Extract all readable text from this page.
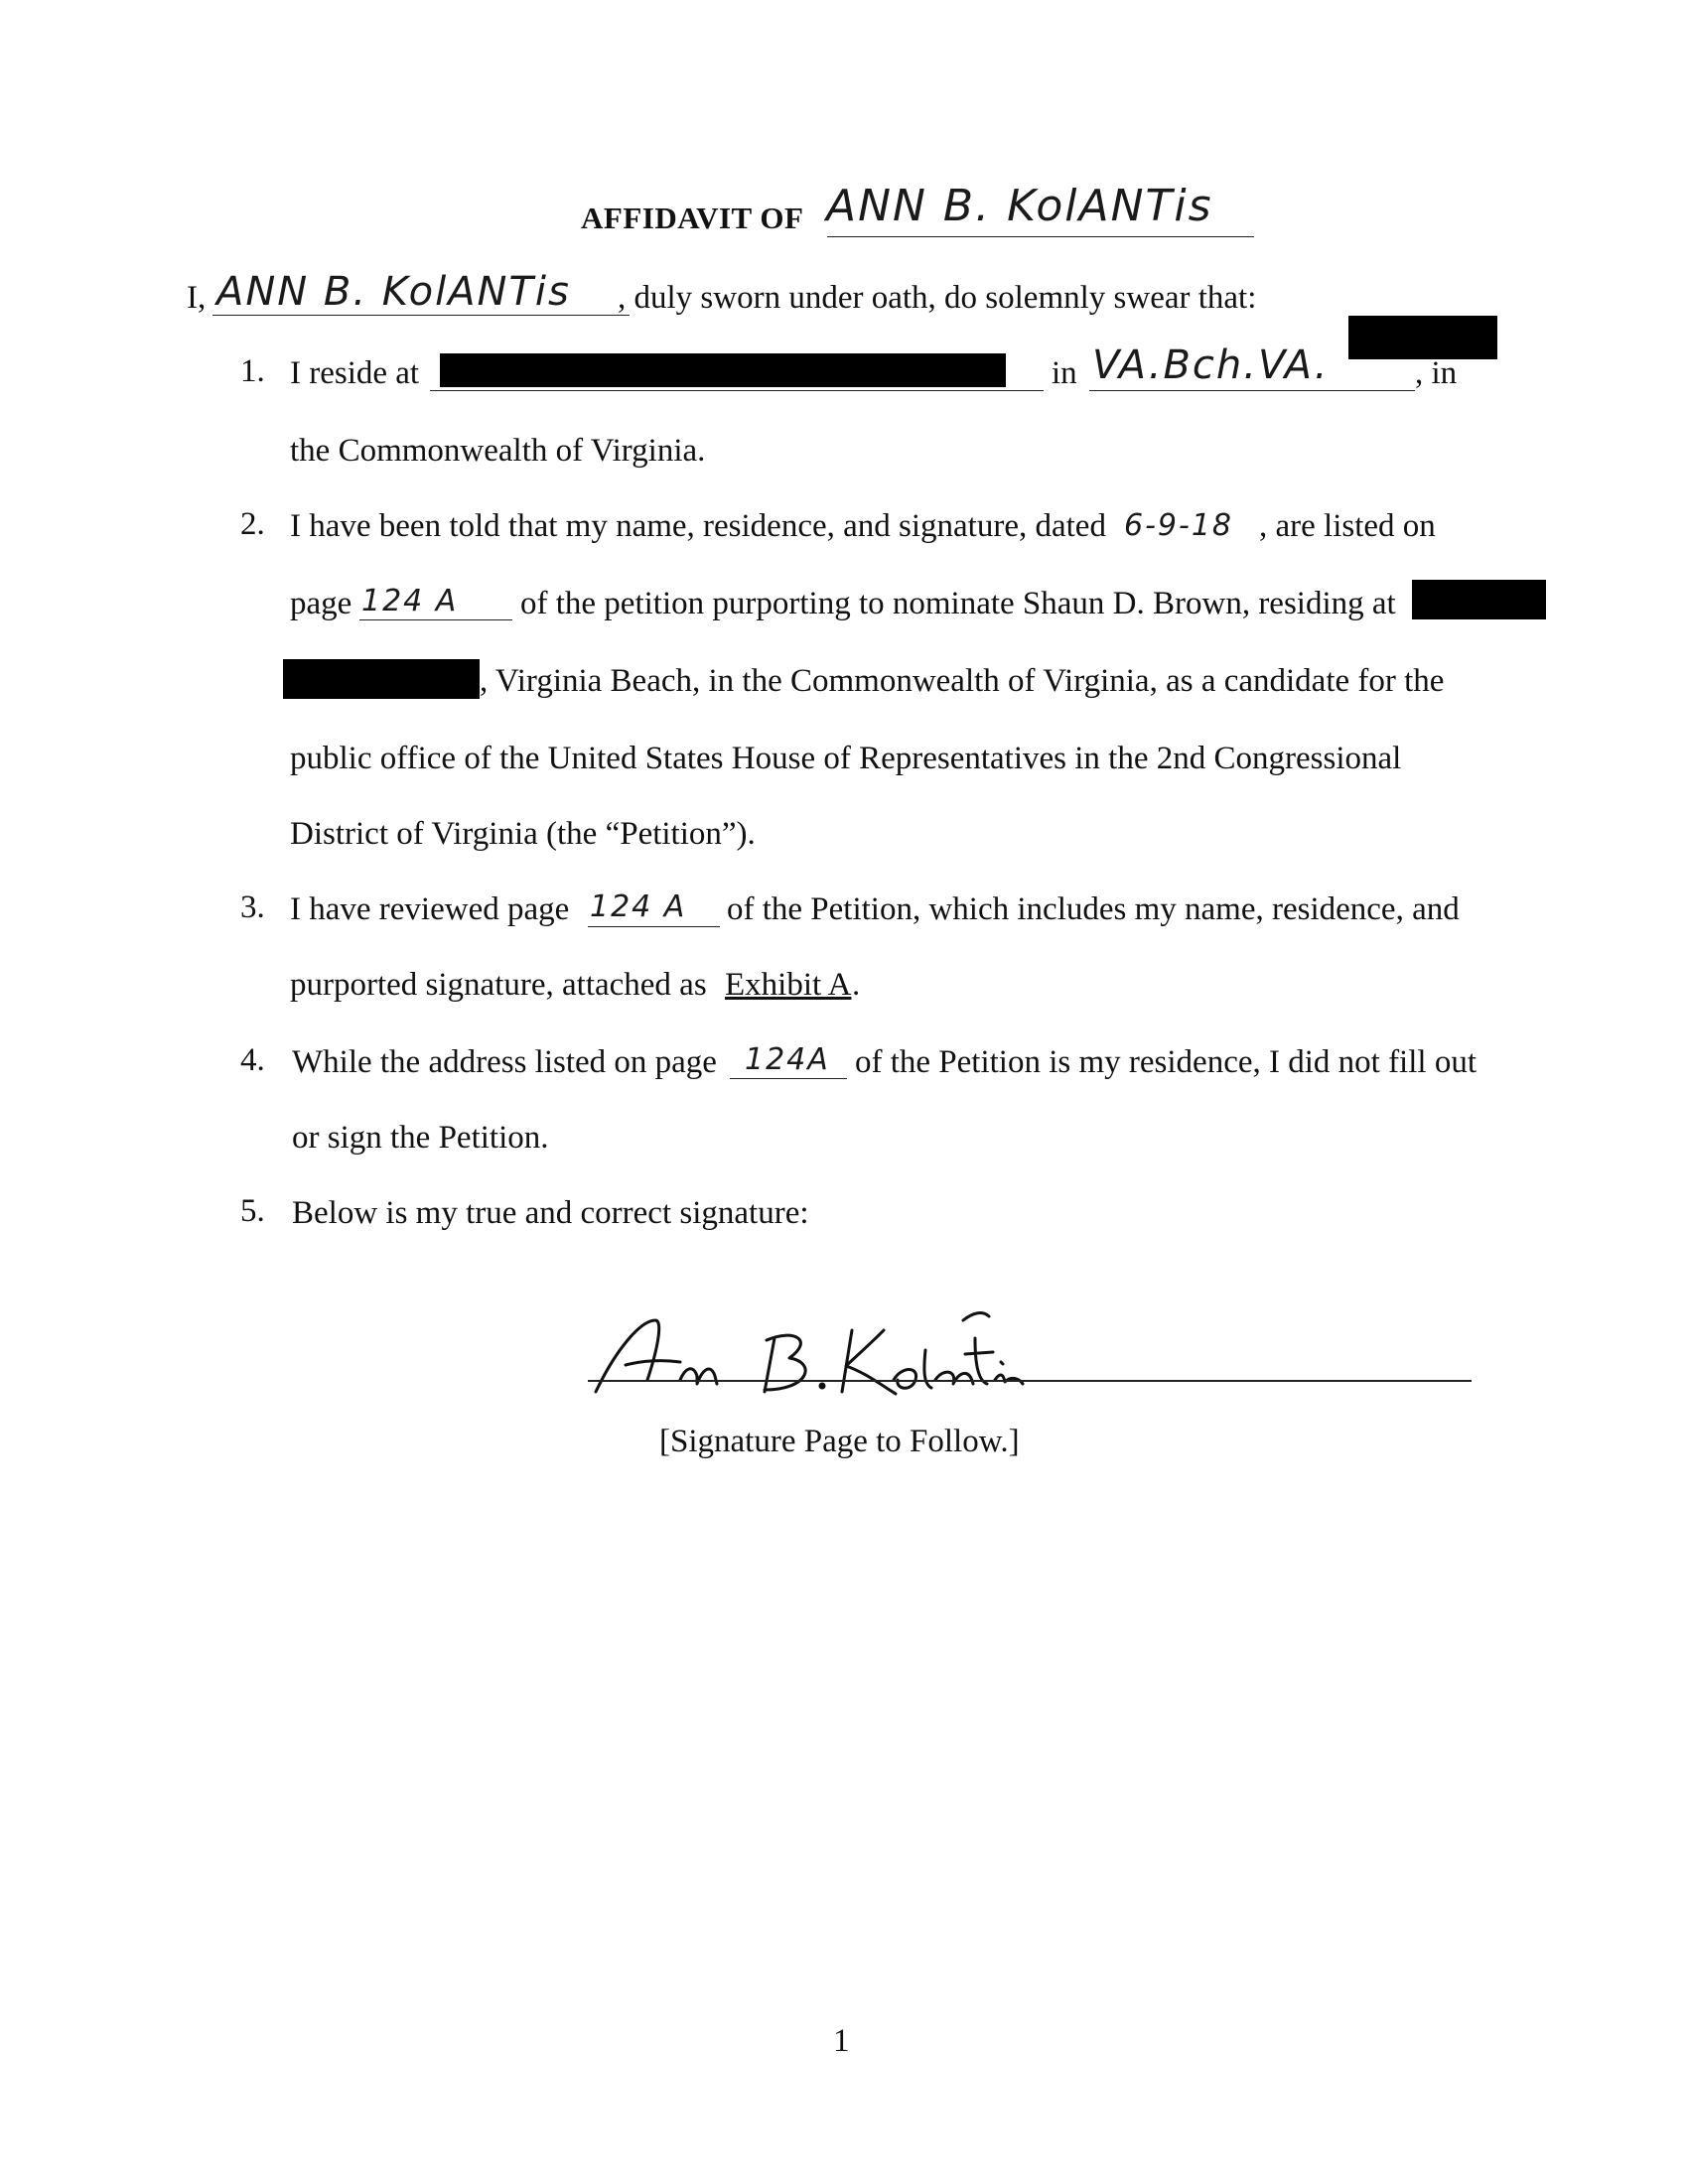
AFFIDAVIT OF ANN B. KolANTis
I, ANN B. KolANTis , duly sworn under oath, do solemnly swear that:
1. I reside at	in VA.Bch.VA.	, in
the Commonwealth of Virginia.
2. I have been told that my name, residence, and signature, dated 6-9-18 , are listed on
page 124 A of the petition purporting to nominate Shaun D. Brown, residing at
, Virginia Beach, in the Commonwealth of Virginia, as a candidate for the
public office of the United States House of Representatives in the 2nd Congressional
District of Virginia (the “Petition”).
3. I have reviewed page 124 A of the Petition, which includes my name, residence, and
purported signature, attached as Exhibit A .
4. While the address listed on page 124A of the Petition is my residence, I did not fill out
or sign the Petition.
5. Below is my true and correct signature:
[Signature Page to Follow.]
1
